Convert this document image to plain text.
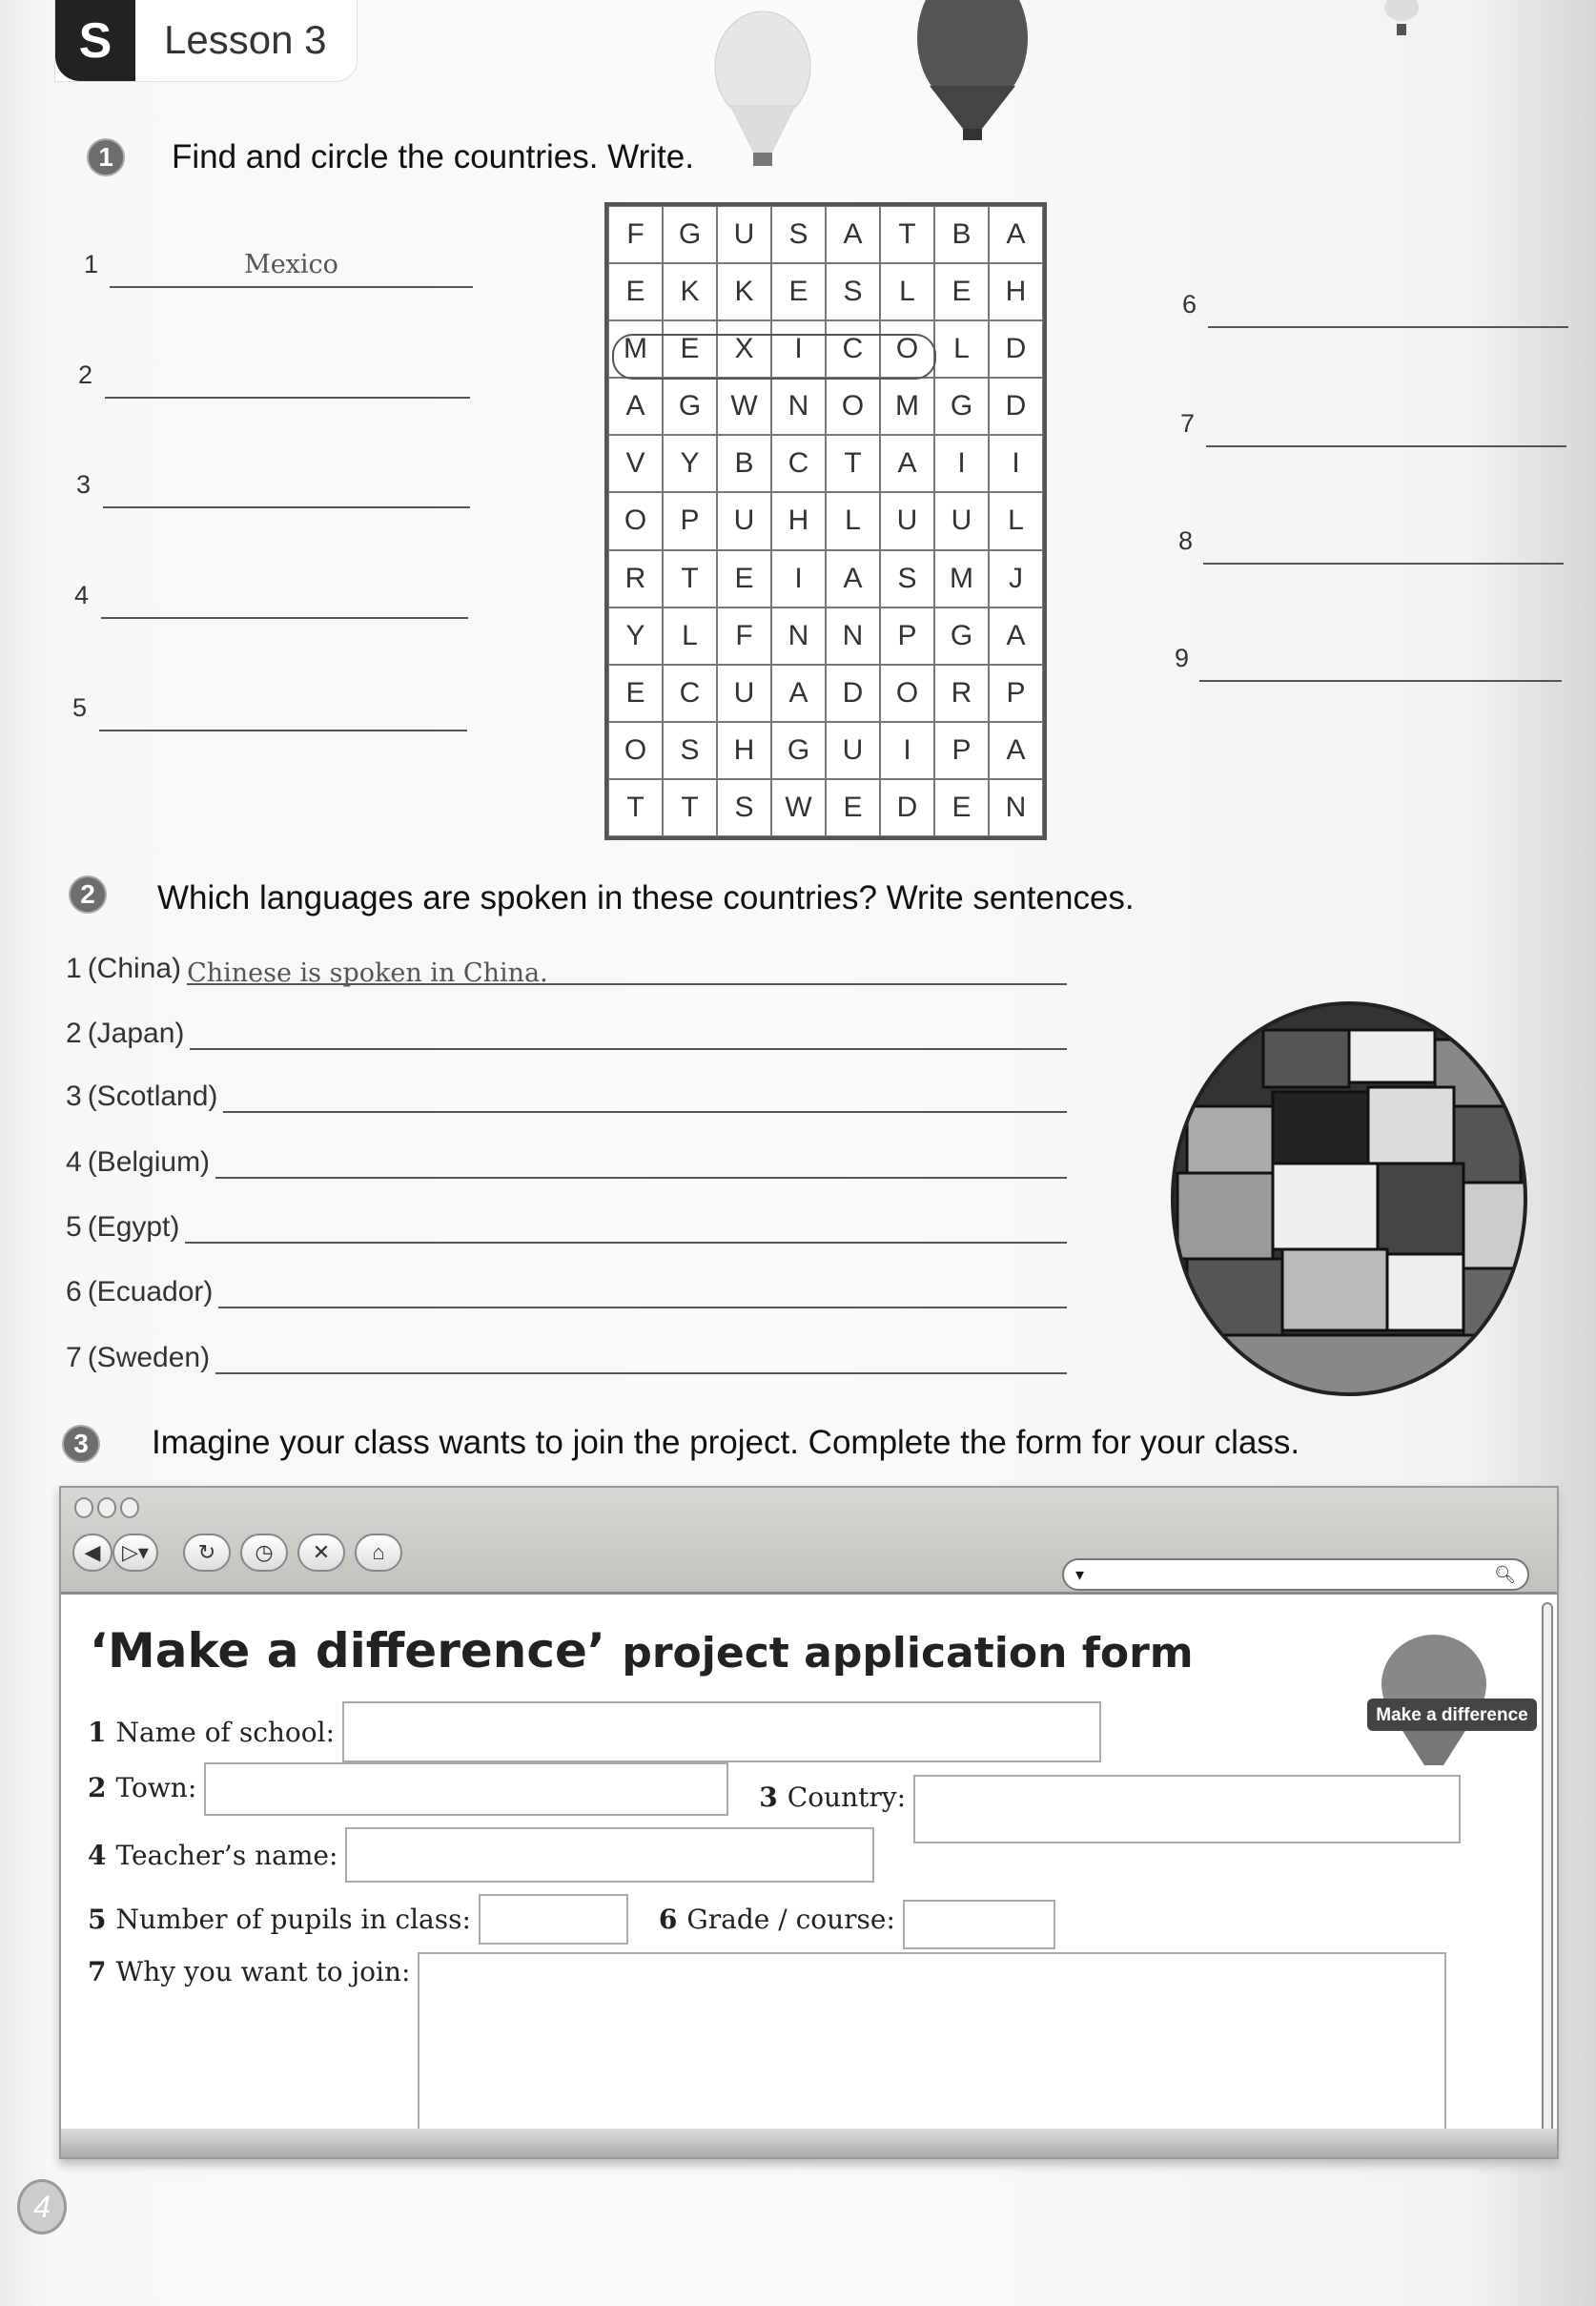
S	Lesson 3
1	Find and circle the countries. Write.
F	G	U	S	A	T	B	A
E	K	K	E	S	L	E	H
M	E	X	I	C	O	L	D
A	G	W	N	O	M	G	D
V	Y	B	C	T	A	I	I
O	P	U	H	L	U	U	L
R	T	E	I	A	S	M	J
Y	L	F	N	N	P	G	A
E	C	U	A	D	O	R	P
O	S	H	G	U	I	P	A
T	T	S	W	E	D	E	N
1	Mexico
2
3
4
5
6
7
8
9
2	Which languages are spoken in these countries? Write sentences.
1 (China) Chinese is spoken in China.
2 (Japan)
3 (Scotland)
4 (Belgium)
5 (Egypt)
6 (Ecuador)
7 (Sweden)
3	Imagine your class wants to join the project. Complete the form for your class.
◀ ▷▾ ↻ ◷ ✕ ⌂
▾	🔍︎
‘Make a difference’ project application form
Make a difference
1 Name of school:
2 Town:	3 Country:
4 Teacher’s name:
5 Number of pupils in class:	6 Grade / course:
7 Why you want to join:
4
